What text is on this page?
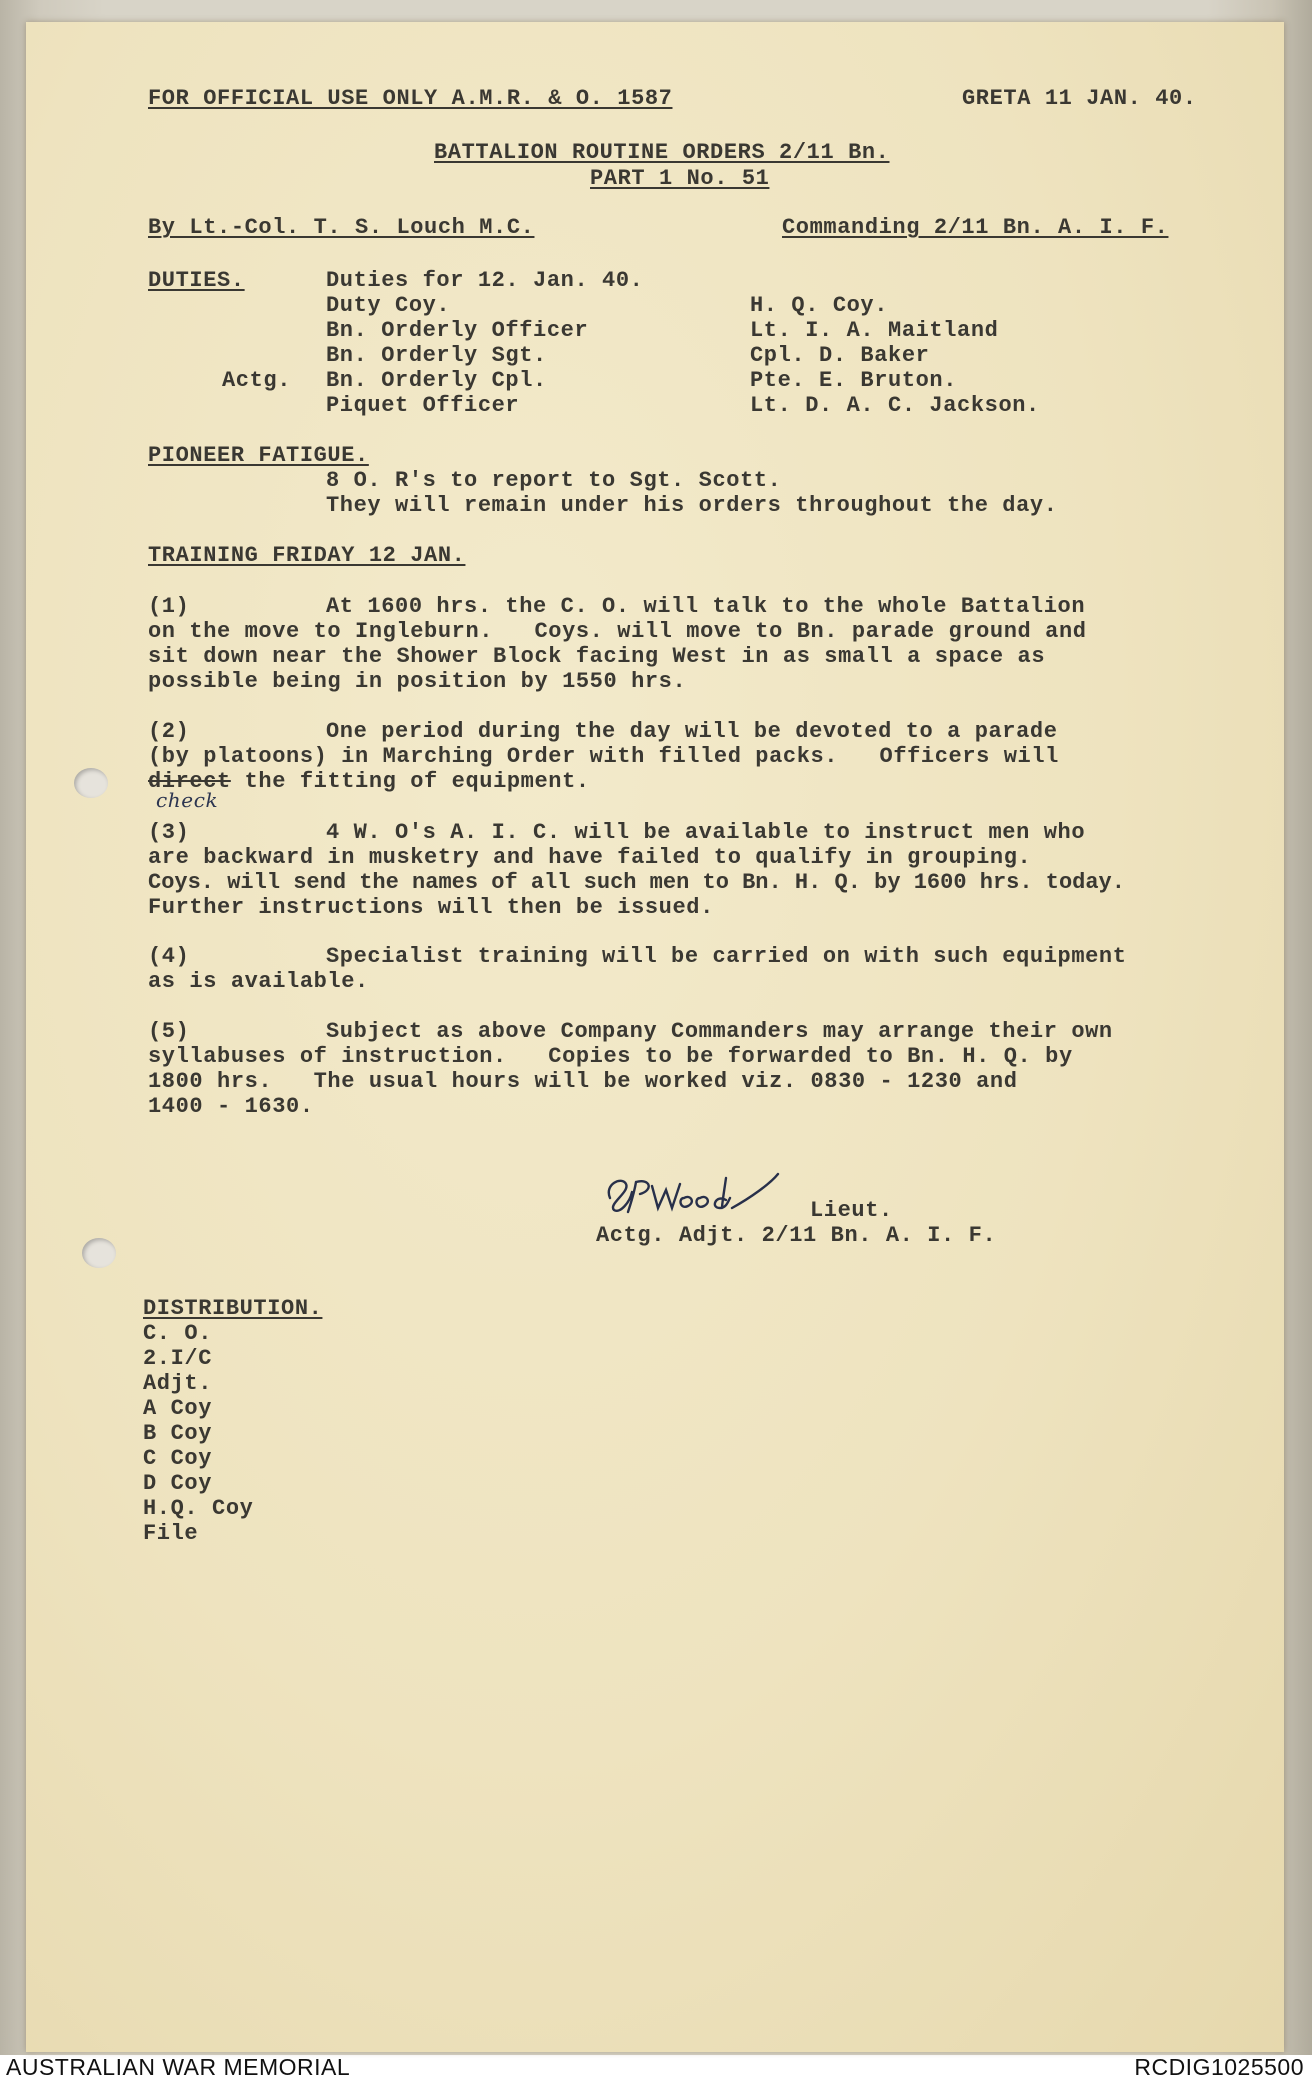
FOR OFFICIAL USE ONLY A.M.R. & O. 1587	GRETA 11 JAN. 40.
BATTALION ROUTINE ORDERS 2/11 Bn.
PART 1 No. 51
By Lt.-Col. T. S. Louch M.C.	Commanding 2/11 Bn. A. I. F.
DUTIES.	Duties for 12. Jan. 40.
Duty Coy.	H. Q. Coy.
Bn. Orderly Officer	Lt. I. A. Maitland
Bn. Orderly Sgt.	Cpl. D. Baker
Actg. Bn. Orderly Cpl.	Pte. E. Bruton.
Piquet Officer	Lt. D. A. C. Jackson.
PIONEER FATIGUE.
8 O. R's to report to Sgt. Scott.
They will remain under his orders throughout the day.
TRAINING FRIDAY 12 JAN.
(1)	At 1600 hrs. the C. O. will talk to the whole Battalion
on the move to Ingleburn.   Coys. will move to Bn. parade ground and
sit down near the Shower Block facing West in as small a space as
possible being in position by 1550 hrs.
(2)	One period during the day will be devoted to a parade
(by platoons) in Marching Order with filled packs.   Officers will
direct the fitting of equipment.
check
(3)	4 W. O's A. I. C. will be available to instruct men who
are backward in musketry and have failed to qualify in grouping.
Coys. will send the names of all such men to Bn. H. Q. by 1600 hrs. today.
Further instructions will then be issued.
(4)	Specialist training will be carried on with such equipment
as is available.
(5)	Subject as above Company Commanders may arrange their own
syllabuses of instruction.   Copies to be forwarded to Bn. H. Q. by
1800 hrs.   The usual hours will be worked viz. 0830 - 1230 and
1400 - 1630.
Lieut.
Actg. Adjt. 2/11 Bn. A. I. F.
DISTRIBUTION.
C. O.
2.I/C
Adjt.
A Coy
B Coy
C Coy
D Coy
H.Q. Coy
File
AUSTRALIAN WAR MEMORIAL	RCDIG1025500
